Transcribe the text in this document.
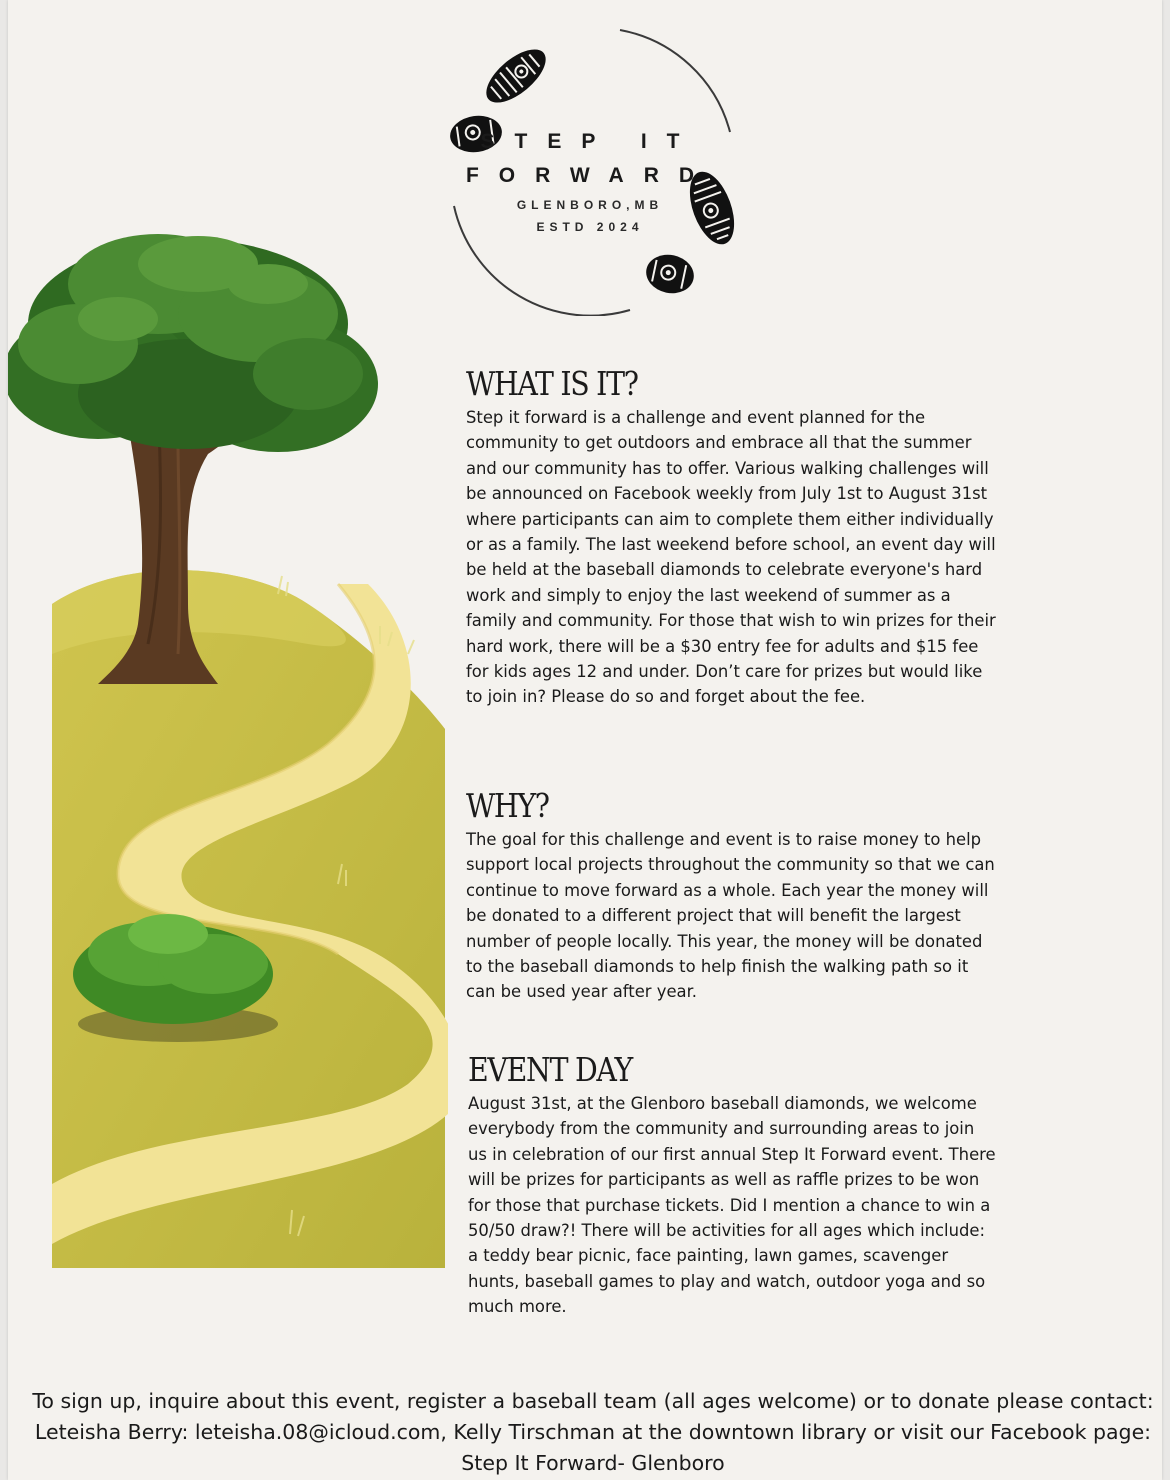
STEP IT
FORWARD
GLENBORO,MB
ESTD 2024
WHAT IS IT?

Step it forward is a challenge and event planned for the community to get outdoors and embrace all that the summer and our community has to offer. Various walking challenges will be announced on Facebook weekly from July 1st to August 31st where participants can aim to complete them either individually or as a family. The last weekend before school, an event day will be held at the baseball diamonds to celebrate everyone's hard work and simply to enjoy the last weekend of summer as a family and community. For those that wish to win prizes for their hard work, there will be a $30 entry fee for adults and $15 fee for kids ages 12 and under. Don’t care for prizes but would like to join in? Please do so and forget about the fee.

WHY?

The goal for this challenge and event is to raise money to help support local projects throughout the community so that we can continue to move forward as a whole. Each year the money will be donated to a different project that will benefit the largest number of people locally. This year, the money will be donated to the baseball diamonds to help finish the walking path so it can be used year after year.

EVENT DAY

August 31st, at the Glenboro baseball diamonds, we welcome everybody from the community and surrounding areas to join us in celebration of our first annual Step It Forward event. There will be prizes for participants as well as raffle prizes to be won for those that purchase tickets. Did I mention a chance to win a 50/50 draw?! There will be activities for all ages which include: a teddy bear picnic, face painting, lawn games, scavenger hunts, baseball games to play and watch, outdoor yoga and so much more.

To sign up, inquire about this event, register a baseball team (all ages welcome) or to donate please contact: Leteisha Berry: leteisha.08@icloud.com, Kelly Tirschman at the downtown library or visit our Facebook page: Step It Forward- Glenboro
